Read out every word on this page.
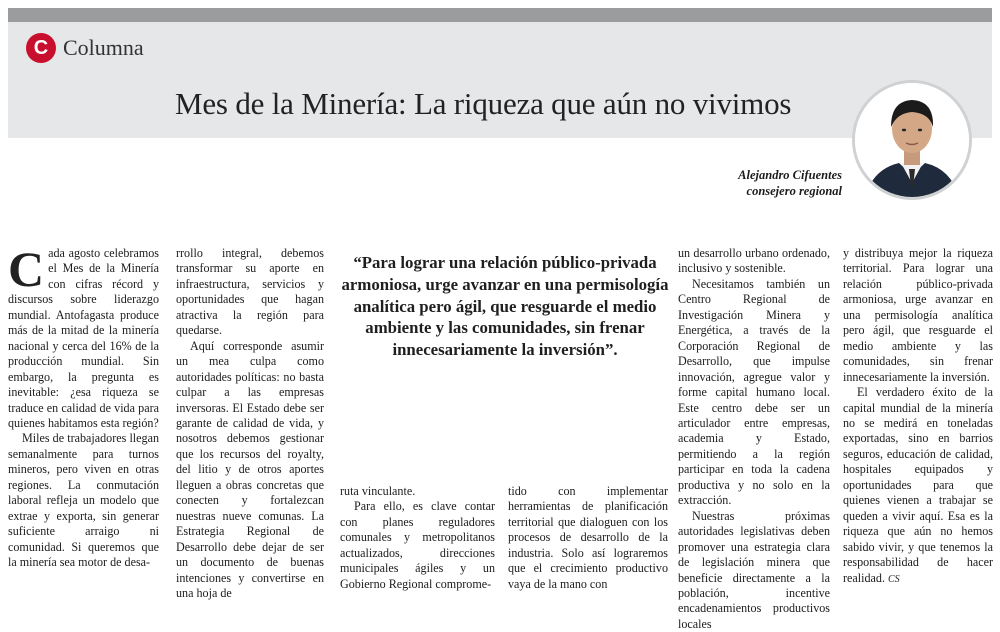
C Columna
Mes de la Minería: La riqueza que aún no vivimos
Alejandro Cifuentes
consejero regional

Cada agosto celebramos el Mes de la Minería con cifras récord y discursos sobre liderazgo mundial. Antofagasta produce más de la mitad de la minería nacional y cerca del 16% de la producción mundial. Sin embargo, la pregunta es inevitable: ¿esa riqueza se traduce en calidad de vida para quienes habitamos esta región?

Miles de trabajadores llegan semanalmente para turnos mineros, pero viven en otras regiones. La conmutación laboral refleja un modelo que extrae y exporta, sin generar suficiente arraigo ni comunidad. Si queremos que la minería sea motor de desa-

rrollo integral, debemos transformar su aporte en infraestructura, servicios y oportunidades que hagan atractiva la región para quedarse.

Aquí corresponde asumir un mea culpa como autoridades políticas: no basta culpar a las empresas inversoras. El Estado debe ser garante de calidad de vida, y nosotros debemos gestionar que los recursos del royalty, del litio y de otros aportes lleguen a obras concretas que conecten y fortalezcan nuestras nueve comunas. La Estrategia Regional de Desarrollo debe dejar de ser un documento de buenas intenciones y convertirse en una hoja de

“Para lograr una relación público-privada armoniosa, urge avanzar en una permisología analítica pero ágil, que resguarde el medio ambiente y las comunidades, sin frenar innecesariamente la inversión”.

ruta vinculante.

Para ello, es clave contar con planes reguladores comunales y metropolitanos actualizados, direcciones municipales ágiles y un Gobierno Regional comprome-

tido con implementar herramientas de planificación territorial que dialoguen con los procesos de desarrollo de la industria. Solo así lograremos que el crecimiento productivo vaya de la mano con

un desarrollo urbano ordenado, inclusivo y sostenible.

Necesitamos también un Centro Regional de Investigación Minera y Energética, a través de la Corporación Regional de Desarrollo, que impulse innovación, agregue valor y forme capital humano local. Este centro debe ser un articulador entre empresas, academia y Estado, permitiendo a la región participar en toda la cadena productiva y no solo en la extracción.

Nuestras próximas autoridades legislativas deben promover una estrategia clara de legislación minera que beneficie directamente a la población, incentive encadenamientos productivos locales

y distribuya mejor la riqueza territorial. Para lograr una relación público-privada armoniosa, urge avanzar en una permisología analítica pero ágil, que resguarde el medio ambiente y las comunidades, sin frenar innecesariamente la inversión.

El verdadero éxito de la capital mundial de la minería no se medirá en toneladas exportadas, sino en barrios seguros, educación de calidad, hospitales equipados y oportunidades para que quienes vienen a trabajar se queden a vivir aquí. Esa es la riqueza que aún no hemos sabido vivir, y que tenemos la responsabilidad de hacer realidad. CS
